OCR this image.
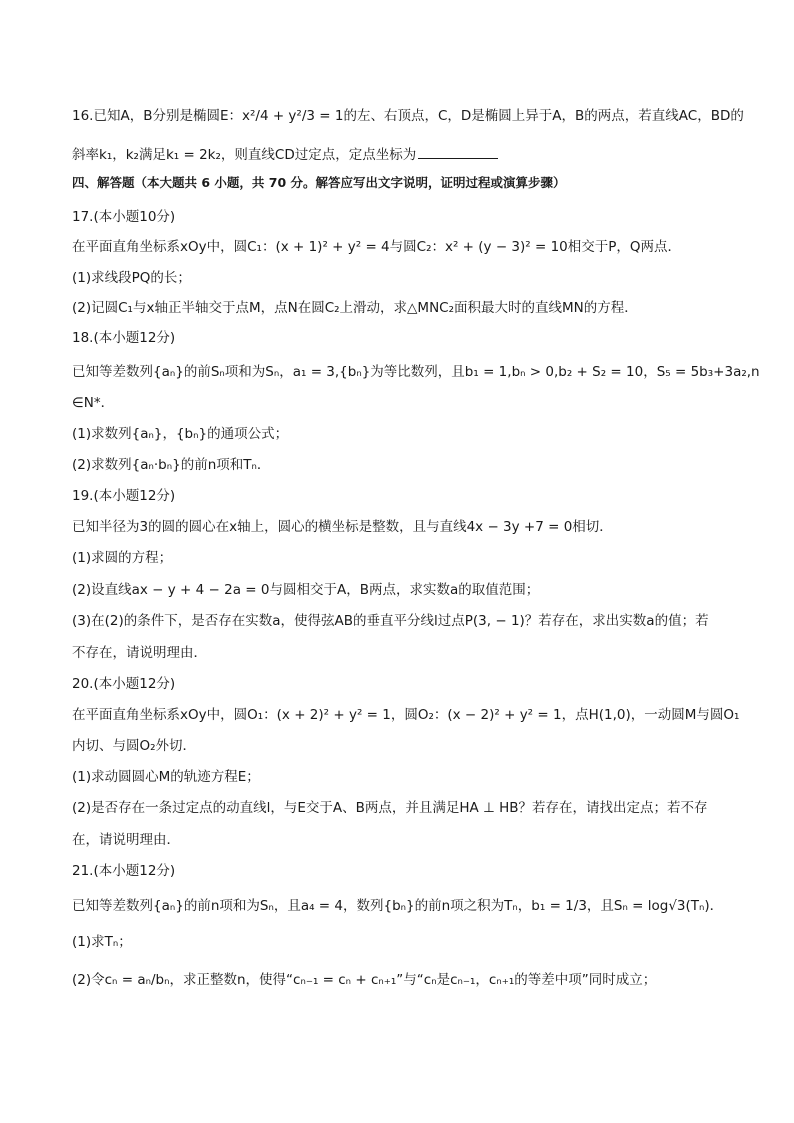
16.已知A，B分别是椭圆E：x²/4 + y²/3 = 1的左、右顶点，C，D是椭圆上异于A，B的两点，若直线AC，BD的
斜率k₁，k₂满足k₁ = 2k₂，则直线CD过定点，定点坐标为
四、解答题（本大题共 6 小题，共 70 分。解答应写出文字说明，证明过程或演算步骤）
17.(本小题10分)
在平面直角坐标系xOy中，圆C₁：(x + 1)² + y² = 4与圆C₂：x² + (y − 3)² = 10相交于P，Q两点．
(1)求线段PQ的长；
(2)记圆C₁与x轴正半轴交于点M，点N在圆C₂上滑动，求△MNC₂面积最大时的直线MN的方程．
18.(本小题12分)
已知等差数列{aₙ}的前Sₙ项和为Sₙ，a₁ = 3,{bₙ}为等比数列，且b₁ = 1,bₙ > 0,b₂ + S₂ = 10，S₅ = 5b₃+3a₂,n
∈N*．
(1)求数列{aₙ}，{bₙ}的通项公式；
(2)求数列{aₙ·bₙ}的前n项和Tₙ．
19.(本小题12分)
已知半径为3的圆的圆心在x轴上，圆心的横坐标是整数，且与直线4x − 3y +7 = 0相切．
(1)求圆的方程；
(2)设直线ax − y + 4 − 2a = 0与圆相交于A，B两点，求实数a的取值范围；
(3)在(2)的条件下，是否存在实数a，使得弦AB的垂直平分线l过点P(3, − 1)？若存在，求出实数a的值；若
不存在，请说明理由．
20.(本小题12分)
在平面直角坐标系xOy中，圆O₁：(x + 2)² + y² = 1，圆O₂：(x − 2)² + y² = 1，点H(1,0)，一动圆M与圆O₁
内切、与圆O₂外切．
(1)求动圆圆心M的轨迹方程E；
(2)是否存在一条过定点的动直线l，与E交于A、B两点，并且满足HA ⊥ HB？若存在，请找出定点；若不存
在，请说明理由．
21.(本小题12分)
已知等差数列{aₙ}的前n项和为Sₙ，且a₄ = 4，数列{bₙ}的前n项之积为Tₙ，b₁ = 1/3，且Sₙ = log√3(Tₙ)．
(1)求Tₙ；
(2)令cₙ = aₙ/bₙ，求正整数n，使得“cₙ₋₁ = cₙ + cₙ₊₁”与“cₙ是cₙ₋₁，cₙ₊₁的等差中项”同时成立；
